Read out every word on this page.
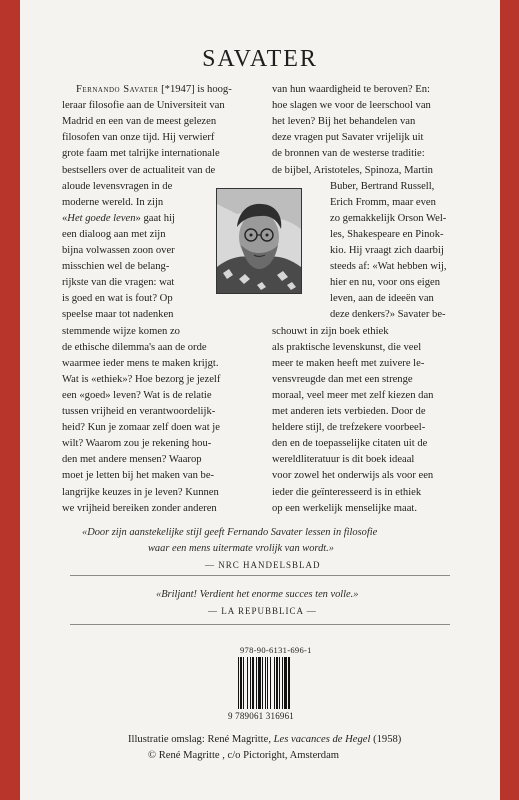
SAVATER
Fernando Savater [*1947] is hoog-
leraar filosofie aan de Universiteit van
Madrid en een van de meest gelezen
filosofen van onze tijd. Hij verwierf
grote faam met talrijke internationale
bestsellers over de actualiteit van de
aloude levensvragen in de
moderne wereld. In zijn
«Het goede leven» gaat hij
een dialoog aan met zijn
bijna volwassen zoon over
misschien wel de belang-
rijkste van die vragen: wat
is goed en wat is fout? Op
speelse maar tot nadenken
stemmende wijze komen zo
de ethische dilemma's aan de orde
waarmee ieder mens te maken krijgt.
Wat is «ethiek»? Hoe bezorg je jezelf
een «goed» leven? Wat is de relatie
tussen vrijheid en verantwoordelijk-
heid? Kun je zomaar zelf doen wat je
wilt? Waarom zou je rekening hou-
den met andere mensen? Waarop
moet je letten bij het maken van be-
langrijke keuzes in je leven? Kunnen
we vrijheid bereiken zonder anderen
van hun waardigheid te beroven? En:
hoe slagen we voor de leerschool van
het leven? Bij het behandelen van
deze vragen put Savater vrijelijk uit
de bronnen van de westerse traditie:
de bijbel, Aristoteles, Spinoza, Martin
Buber, Bertrand Russell,
Erich Fromm, maar even
zo gemakkelijk Orson Wel-
les, Shakespeare en Pinok-
kio. Hij vraagt zich daarbij
steeds af: «Wat hebben wij,
hier en nu, voor ons eigen
leven, aan de ideeën van
deze denkers?» Savater be-
schouwt in zijn boek ethiek
als praktische levenskunst, die veel
meer te maken heeft met zuivere le-
vensvreugde dan met een strenge
moraal, veel meer met zelf kiezen dan
met anderen iets verbieden. Door de
heldere stijl, de trefzekere voorbeel-
den en de toepasselijke citaten uit de
wereldliteratuur is dit boek ideaal
voor zowel het onderwijs als voor een
ieder die geïnteresseerd is in ethiek
op een werkelijk menselijke maat.
«Door zijn aanstekelijke stijl geeft Fernando Savater lessen in filosofie
waar een mens uitermate vrolijk van wordt.»
— NRC HANDELSBLAD
«Briljant! Verdient het enorme succes ten volle.»
— LA REPUBBLICA —
978-90-6131-696-1
9 789061 316961
Illustratie omslag: René Magritte, Les vacances de Hegel (1958)
© René Magritte , c/o Pictoright, Amsterdam
